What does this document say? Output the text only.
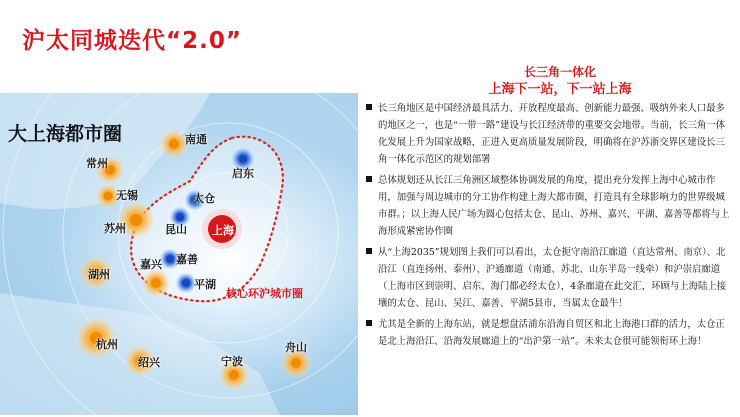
沪太同城迭代“2.0”
大上海都市圈
常州
无锡
苏州
湖州
嘉兴
杭州
绍兴	宁波
舟山
南通
启东
太仓
昆山 上海
嘉善
平湖
核心环沪城市圈
长三角一体化
上海下一站，下一站上海
长三角地区是中国经济最具活力、开放程度最高、创新能力最强、吸纳外来人口最多的地区之一，也是“一带一路”建设与长江经济带的重要交会地带。当前，长三角一体化发展上升为国家战略，正进入更高质量发展阶段，明确将在沪苏浙交界区建设长三角一体化示范区的规划部署
总体规划还从长江三角洲区域整体协调发展的角度，提出充分发挥上海中心城市作用，加强与周边城市的分工协作构建上海大都市圈，打造具有全球影响力的世界级城市群。；以上海人民广场为圆心包括太仓、昆山、苏州、嘉兴、平湖、嘉善等都将与上海形成紧密协作圈
从“上海2035”规划图上我们可以看出，太仓扼守南沿江廊道（直达常州、南京）、北沿江（直连扬州、泰州）、沪通廊道（南通、苏北、山东半岛一线牵）和沪崇启廊道（上海市区到崇明、启东、海门都必经太仓），4条廊道在此交汇，环顾与上海陆上接壤的太仓、昆山、吴江、嘉善、平湖5县市，当属太仓最牛！
尤其是全新的上海东站，就是想盘活浦东沿海自贸区和北上海港口群的活力，太仓正是北上海沿江、沿海发展廊道上的“出沪第一站”。未来太仓很可能领衔环上海！
